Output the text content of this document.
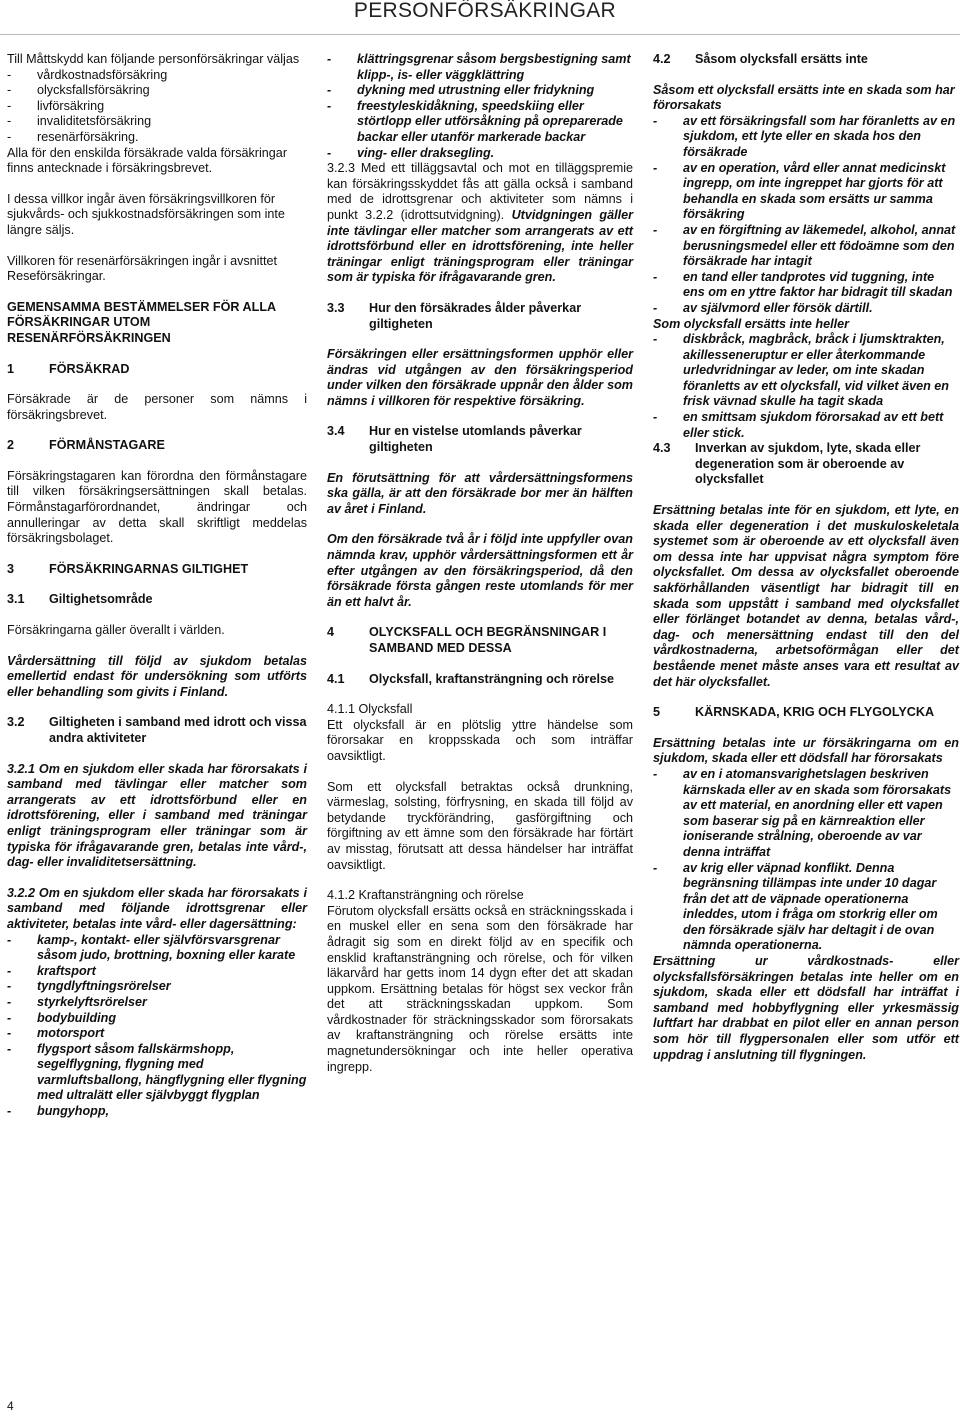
PERSONFÖRSÄKRINGAR

Till Måttskydd kan följande personförsäkringar väljas

- vårdkostnadsförsäkring
- olycksfallsförsäkring
- livförsäkring
- invaliditetsförsäkring
- resenärförsäkring.

Alla för den enskilda försäkrade valda försäkringar finns antecknade i försäkringsbrevet.

I dessa villkor ingår även försäkringsvillkoren för sjukvårds- och sjukkostnadsförsäkringen som inte längre säljs.

Villkoren för resenärförsäkringen ingår i avsnittet Reseförsäkringar.

GEMENSAMMA BESTÄMMELSER FÖR ALLA FÖRSÄKRINGAR UTOM RESENÄRFÖRSÄKRINGEN

1	FÖRSÄKRAD

Försäkrade är de personer som nämns i försäkringsbrevet.

2	FÖRMÅNSTAGARE

Försäkringstagaren kan förordna den förmånstagare till vilken försäkringsersättningen skall betalas. Förmånstagarförordnandet, ändringar och annulleringar av detta skall skriftligt meddelas försäkringsbolaget.

3	FÖRSÄKRINGARNAS GILTIGHET
3.1	Giltighetsområde

Försäkringarna gäller överallt i världen.

Vårdersättning till följd av sjukdom betalas emellertid endast för undersökning som utförts eller behandling som givits i Finland.

3.2	Giltigheten i samband med idrott och vissa andra aktiviteter

3.2.1 Om en sjukdom eller skada har förorsakats i samband med tävlingar eller matcher som arrangerats av ett idrottsförbund eller en idrottsförening, eller i samband med träningar enligt träningsprogram eller träningar som är typiska för ifrågavarande gren, betalas inte vård-, dag- eller invaliditetsersättning.

3.2.2 Om en sjukdom eller skada har förorsakats i samband med följande idrottsgrenar eller aktiviteter, betalas inte vård- eller dagersättning:

- kamp-, kontakt- eller självförsvarsgrenar såsom judo, brottning, boxning eller karate
- kraftsport
- tyngdlyftningsrörelser
- styrkelyftsrörelser
- bodybuilding
- motorsport
- flygsport såsom fallskärmshopp, segelflygning, flygning med varmluftsballong, hängflygning eller flygning med ultralätt eller självbyggt flygplan
- bungyhopp,
- klättringsgrenar såsom bergsbestigning samt klipp-, is- eller väggklättring
- dykning med utrustning eller fridykning
- freestyleskidåkning, speedskiing eller störtlopp eller utförsåkning på opreparerade backar eller utanför markerade backar
- ving- eller draksegling.

3.2.3 Med ett tilläggsavtal och mot en tilläggspremie kan försäkringsskyddet fås att gälla också i samband med de idrottsgrenar och aktiviteter som nämns i punkt 3.2.2 (idrottsutvidgning). Utvidgningen gäller inte tävlingar eller matcher som arrangerats av ett idrottsförbund eller en idrottsförening, inte heller träningar enligt träningsprogram eller träningar som är typiska för ifrågavarande gren.

3.3	Hur den försäkrades ålder påverkar giltigheten

Försäkringen eller ersättningsformen upphör eller ändras vid utgången av den försäkringsperiod under vilken den försäkrade uppnår den ålder som nämns i villkoren för respektive försäkring.

3.4	Hur en vistelse utomlands påverkar giltigheten

En förutsättning för att vårdersättningsformens ska gälla, är att den försäkrade bor mer än hälften av året i Finland.

Om den försäkrade två år i följd inte uppfyller ovan nämnda krav, upphör vårdersättningsformen ett år efter utgången av den försäkringsperiod, då den försäkrade första gången reste utomlands för mer än ett halvt år.

4	OLYCKSFALL OCH BEGRÄNSNINGAR I SAMBAND MED DESSA
4.1	Olycksfall, kraftansträngning och rörelse

4.1.1 Olycksfall

Ett olycksfall är en plötslig yttre händelse som förorsakar en kroppsskada och som inträffar oavsiktligt.

Som ett olycksfall betraktas också drunkning, värmeslag, solsting, förfrysning, en skada till följd av betydande tryckförändring, gasförgiftning och förgiftning av ett ämne som den försäkrade har förtärt av misstag, förutsatt att dessa händelser har inträffat oavsiktligt.

4.1.2 Kraftansträngning och rörelse

Förutom olycksfall ersätts också en sträckningsskada i en muskel eller en sena som den försäkrade har ådragit sig som en direkt följd av en specifik och ensklid kraftansträngning och rörelse, och för vilken läkarvård har getts inom 14 dygn efter det att skadan uppkom. Ersättning betalas för högst sex veckor från det att sträckningsskadan uppkom. Som vårdkostnader för sträckningsskador som förorsakats av kraftansträngning och rörelse ersätts inte magnetundersökningar och inte heller operativa ingrepp.

4.2	Såsom olycksfall ersätts inte

Såsom ett olycksfall ersätts inte en skada som har förorsakats

- av ett försäkringsfall som har föranletts av en sjukdom, ett lyte eller en skada hos den försäkrade
- av en operation, vård eller annat medicinskt ingrepp, om inte ingreppet har gjorts för att behandla en skada som ersätts ur samma försäkring
- av en förgiftning av läkemedel, alkohol, annat berusningsmedel eller ett födoämne som den försäkrade har intagit
- en tand eller tandprotes vid tuggning, inte ens om en yttre faktor har bidragit till skadan
- av självmord eller försök därtill.

Som olycksfall ersätts inte heller

- diskbråck, magbråck, bråck i ljumsktrakten, akillesseneruptur er eller återkommande urledvridningar av leder, om inte skadan föranletts av ett olycksfall, vid vilket även en frisk vävnad skulle ha tagit skada
- en smittsam sjukdom förorsakad av ett bett eller stick.
4.3	Inverkan av sjukdom, lyte, skada eller degeneration som är oberoende av olycksfallet

Ersättning betalas inte för en sjukdom, ett lyte, en skada eller degeneration i det muskuloskeletala systemet som är oberoende av ett olycksfall även om dessa inte har uppvisat några symptom före olycksfallet. Om dessa av olycksfallet oberoende sakförhållanden väsentligt har bidragit till en skada som uppstått i samband med olycksfallet eller förlänget botandet av denna, betalas vård-, dag- och menersättning endast till den del vårdkostnaderna, arbetsoförmågan eller det bestående menet måste anses vara ett resultat av det här olycksfallet.

5	KÄRNSKADA, KRIG OCH FLYGOLYCKA

Ersättning betalas inte ur försäkringarna om en sjukdom, skada eller ett dödsfall har förorsakats

- av en i atomansvarighetslagen beskriven kärnskada eller av en skada som förorsakats av ett material, en anordning eller ett vapen som baserar sig på en kärnreaktion eller ioniserande strålning, oberoende av var denna inträffat
- av krig eller väpnad konflikt. Denna begränsning tillämpas inte under 10 dagar från det att de väpnade operationerna inleddes, utom i fråga om storkrig eller om den försäkrade själv har deltagit i de ovan nämnda operationerna.

Ersättning ur vårdkostnads- eller olycksfallsförsäkringen betalas inte heller om en sjukdom, skada eller ett dödsfall har inträffat i samband med hobbyflygning eller yrkesmässig luftfart har drabbat en pilot eller en annan person som hör till flygpersonalen eller som utför ett uppdrag i anslutning till flygningen.

4
